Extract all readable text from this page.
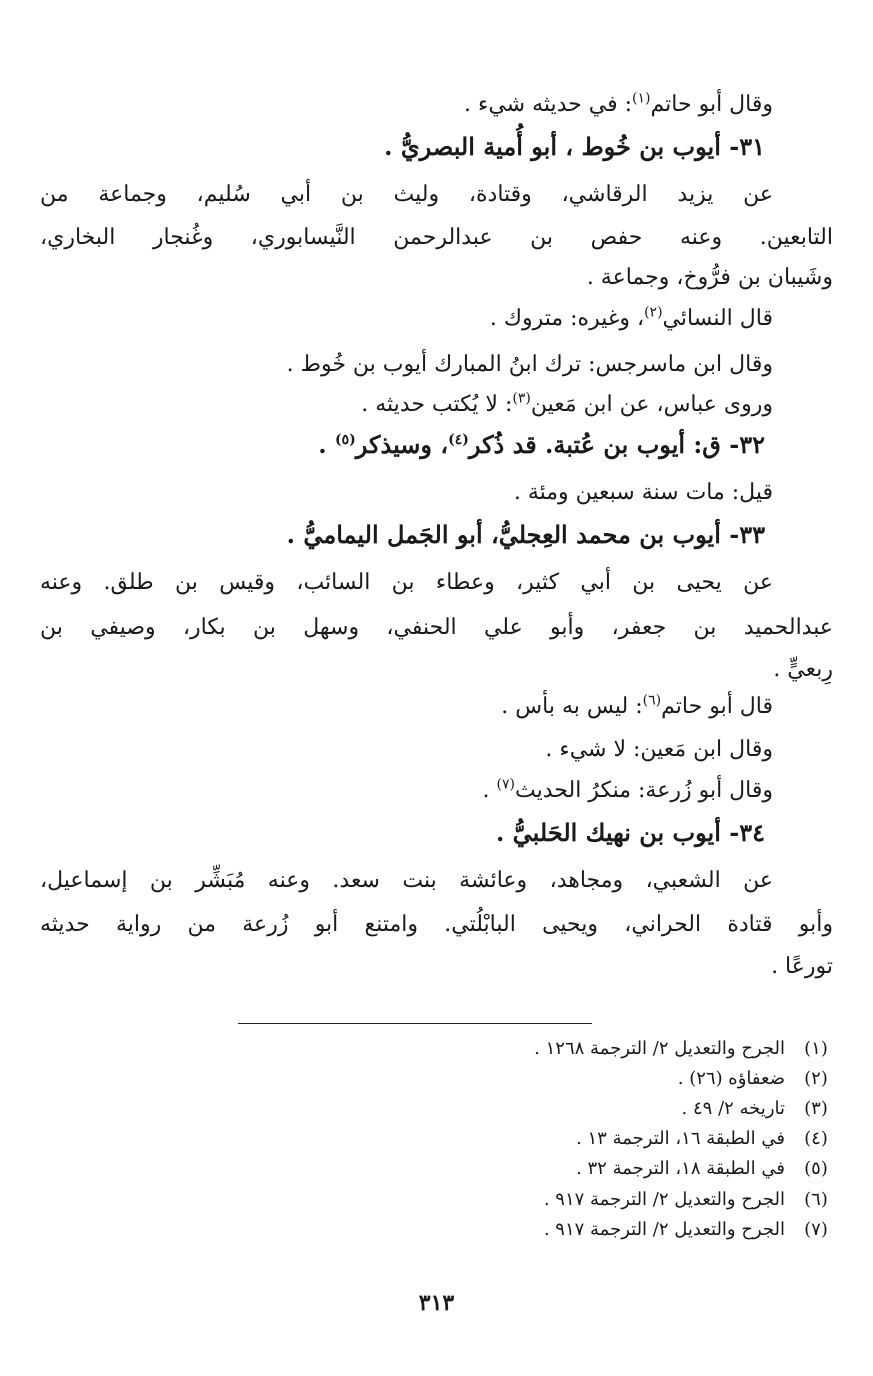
وقال أبو حاتم$^{(١)}$: في حديثه شيء .
٣١- أيوب بن خُوط ، أبو أُمية البصريُّ .
عن يزيد الرقاشي، وقتادة، وليث بن أبي سُليم، وجماعة من
التابعين. وعنه حفص بن عبدالرحمن النَّيسابوري، وغُنجار البخاري،
وشَيبان بن فرُّوخ، وجماعة .
قال النسائي$^{(٢)}$، وغيره: متروك .
وقال ابن ماسرجس: ترك ابنُ المبارك أيوب بن خُوط .
وروى عباس، عن ابن مَعين$^{(٣)}$: لا يُكتب حديثه .
٣٢- ق: أيوب بن عُتبة. قد ذُكر$^{(٤)}$، وسيذكر$^{(٥)}$ .
قيل: مات سنة سبعين ومئة .
٣٣- أيوب بن محمد العِجليُّ، أبو الجَمل اليماميُّ .
عن يحيى بن أبي كثير، وعطاء بن السائب، وقيس بن طلق. وعنه
عبدالحميد بن جعفر، وأبو علي الحنفي، وسهل بن بكار، وصيفي بن
رِبعيٍّ .
قال أبو حاتم$^{(٦)}$: ليس به بأس .
وقال ابن مَعين: لا شيء .
وقال أبو زُرعة: منكرُ الحديث$^{(٧)}$ .
٣٤- أيوب بن نهيك الحَلبيُّ .
عن الشعبي، ومجاهد، وعائشة بنت سعد. وعنه مُبَشِّر بن إسماعيل،
وأبو قتادة الحراني، ويحيى البابْلُتي. وامتنع أبو زُرعة من رواية حديثه
تورعًا .
(١)
الجرح والتعديل ٢/ الترجمة ١٢٦٨ .
(٢)
ضعفاؤه (٢٦) .
(٣)
تاريخه ٢/ ٤٩ .
(٤)
في الطبقة ١٦، الترجمة ١٣ .
(٥)
في الطبقة ١٨، الترجمة ٣٢ .
(٦)
الجرح والتعديل ٢/ الترجمة ٩١٧ .
(٧)
الجرح والتعديل ٢/ الترجمة ٩١٧ .
٣١٣
